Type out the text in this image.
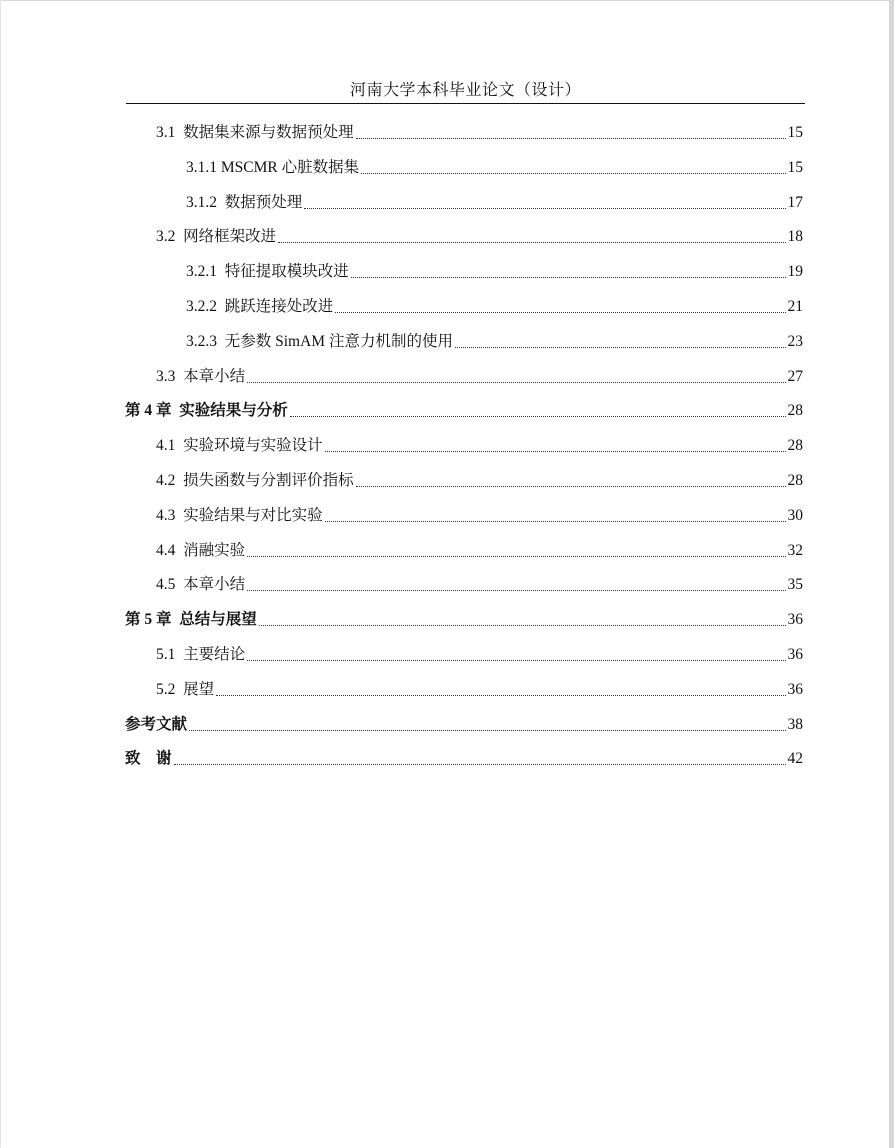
河南大学本科毕业论文（设计）
3.1 数据集来源与数据预处理	15
3.1.1 MSCMR 心脏数据集	15
3.1.2 数据预处理	17
3.2 网络框架改进	18
3.2.1 特征提取模块改进	19
3.2.2 跳跃连接处改进	21
3.2.3 无参数 SimAM 注意力机制的使用	23
3.3 本章小结	27
第 4 章 实验结果与分析	28
4.1 实验环境与实验设计	28
4.2 损失函数与分割评价指标	28
4.3 实验结果与对比实验	30
4.4 消融实验	32
4.5 本章小结	35
第 5 章 总结与展望	36
5.1 主要结论	36
5.2 展望	36
参考文献	38
致    谢	42
